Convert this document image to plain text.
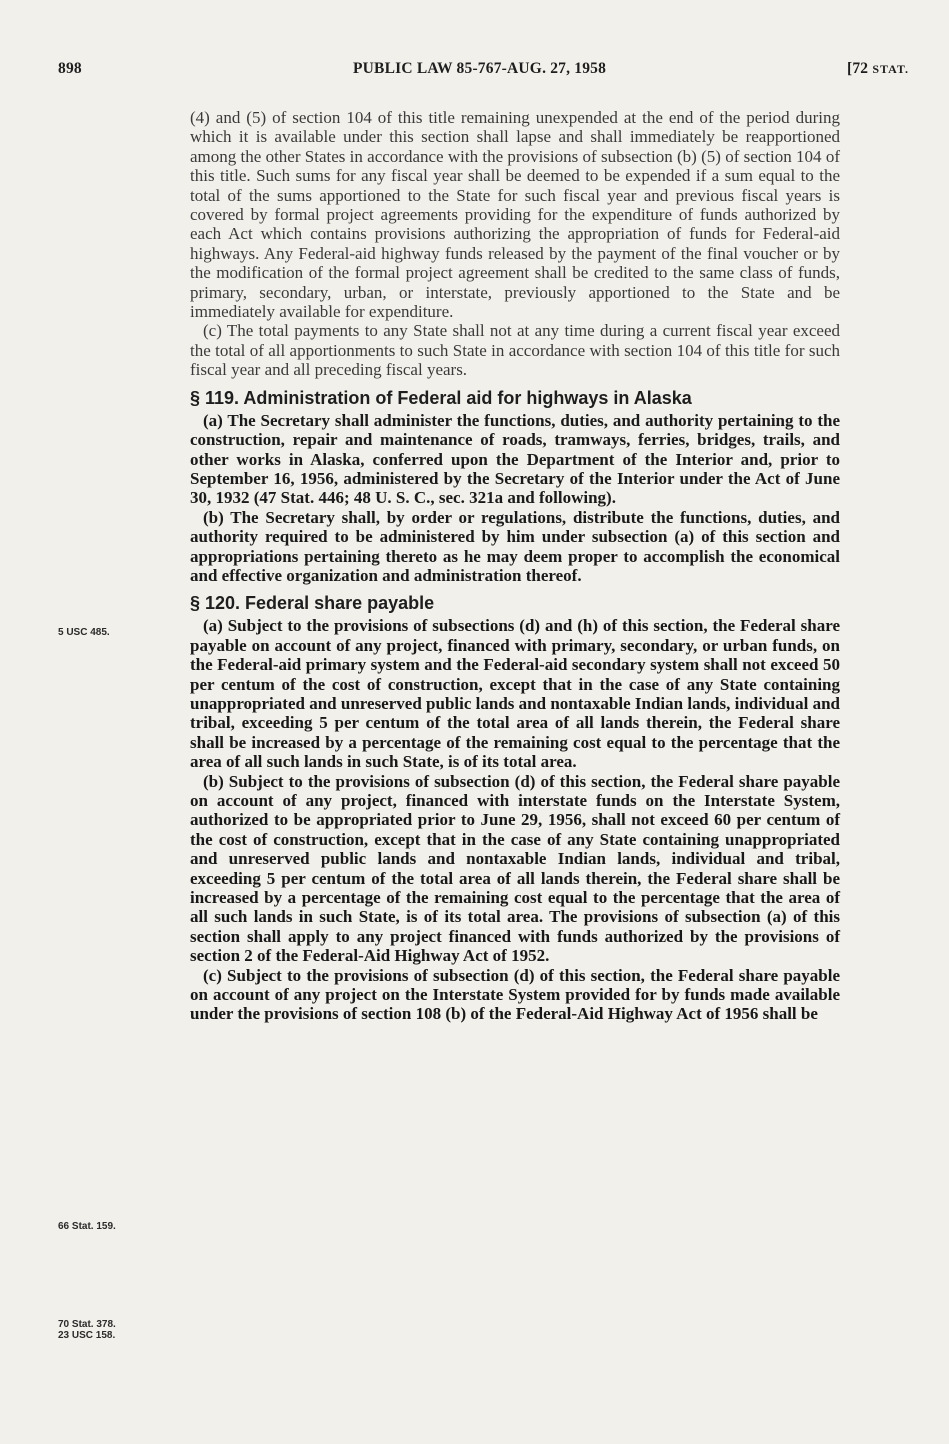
898	PUBLIC LAW 85-767-AUG. 27, 1958	[72 STAT.
5 USC 485.
66 Stat. 159.
70 Stat. 378.
23 USC 158.

(4) and (5) of section 104 of this title remaining unexpended at the end of the period during which it is available under this section shall lapse and shall immediately be reapportioned among the other States in accordance with the provisions of subsection (b) (5) of section 104 of this title. Such sums for any fiscal year shall be deemed to be expended if a sum equal to the total of the sums apportioned to the State for such fiscal year and previous fiscal years is covered by formal project agreements providing for the expenditure of funds authorized by each Act which contains provisions authorizing the appropriation of funds for Federal-aid highways. Any Federal-aid highway funds released by the payment of the final voucher or by the modification of the formal project agreement shall be credited to the same class of funds, primary, secondary, urban, or interstate, previously apportioned to the State and be immediately available for expenditure.

(c) The total payments to any State shall not at any time during a current fiscal year exceed the total of all apportionments to such State in accordance with section 104 of this title for such fiscal year and all preceding fiscal years.

§ 119. Administration of Federal aid for highways in Alaska

(a) The Secretary shall administer the functions, duties, and authority pertaining to the construction, repair and maintenance of roads, tramways, ferries, bridges, trails, and other works in Alaska, conferred upon the Department of the Interior and, prior to September 16, 1956, administered by the Secretary of the Interior under the Act of June 30, 1932 (47 Stat. 446; 48 U. S. C., sec. 321a and following).

(b) The Secretary shall, by order or regulations, distribute the functions, duties, and authority required to be administered by him under subsection (a) of this section and appropriations pertaining thereto as he may deem proper to accomplish the economical and effective organization and administration thereof.

§ 120. Federal share payable

(a) Subject to the provisions of subsections (d) and (h) of this section, the Federal share payable on account of any project, financed with primary, secondary, or urban funds, on the Federal-aid primary system and the Federal-aid secondary system shall not exceed 50 per centum of the cost of construction, except that in the case of any State containing unappropriated and unreserved public lands and nontaxable Indian lands, individual and tribal, exceeding 5 per centum of the total area of all lands therein, the Federal share shall be increased by a percentage of the remaining cost equal to the percentage that the area of all such lands in such State, is of its total area.

(b) Subject to the provisions of subsection (d) of this section, the Federal share payable on account of any project, financed with interstate funds on the Interstate System, authorized to be appropriated prior to June 29, 1956, shall not exceed 60 per centum of the cost of construction, except that in the case of any State containing unappropriated and unreserved public lands and nontaxable Indian lands, individual and tribal, exceeding 5 per centum of the total area of all lands therein, the Federal share shall be increased by a percentage of the remaining cost equal to the percentage that the area of all such lands in such State, is of its total area. The provisions of subsection (a) of this section shall apply to any project financed with funds authorized by the provisions of section 2 of the Federal-Aid Highway Act of 1952.

(c) Subject to the provisions of subsection (d) of this section, the Federal share payable on account of any project on the Interstate System provided for by funds made available under the provisions of section 108 (b) of the Federal-Aid Highway Act of 1956 shall be
